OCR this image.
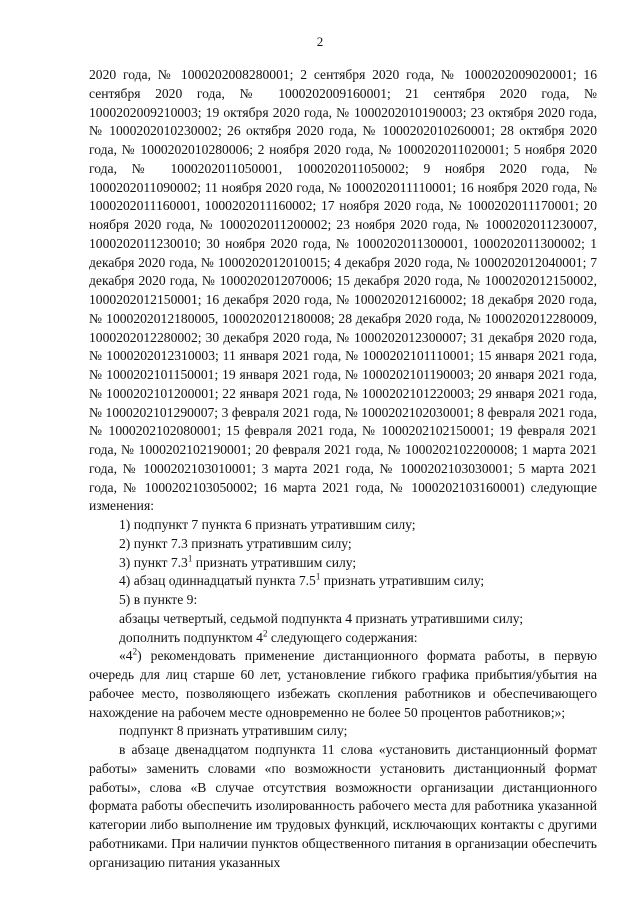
2

2020 года, № 1000202008280001; 2 сентября 2020 года, № 1000202009020001; 16 сентября 2020 года, № 1000202009160001; 21 сентября 2020 года, № 1000202009210003; 19 октября 2020 года, № 1000202010190003; 23 октября 2020 года, № 1000202010230002; 26 октября 2020 года, № 1000202010260001; 28 октября 2020 года, № 1000202010280006; 2 ноября 2020 года, № 1000202011020001; 5 ноября 2020 года, № 1000202011050001, 1000202011050002; 9 ноября 2020 года, № 1000202011090002; 11 ноября 2020 года, № 1000202011110001; 16 ноября 2020 года, № 1000202011160001, 1000202011160002; 17 ноября 2020 года, № 1000202011170001; 20 ноября 2020 года, № 1000202011200002; 23 ноября 2020 года, № 1000202011230007, 1000202011230010; 30 ноября 2020 года, № 1000202011300001, 1000202011300002; 1 декабря 2020 года, № 1000202012010015; 4 декабря 2020 года, № 1000202012040001; 7 декабря 2020 года, № 1000202012070006; 15 декабря 2020 года, № 1000202012150002, 1000202012150001; 16 декабря 2020 года, № 1000202012160002; 18 декабря 2020 года, № 1000202012180005, 1000202012180008; 28 декабря 2020 года, № 1000202012280009, 1000202012280002; 30 декабря 2020 года, № 1000202012300007; 31 декабря 2020 года, № 1000202012310003; 11 января 2021 года, № 1000202101110001; 15 января 2021 года, № 1000202101150001; 19 января 2021 года, № 1000202101190003; 20 января 2021 года, № 1000202101200001; 22 января 2021 года, № 1000202101220003; 29 января 2021 года, № 1000202101290007; 3 февраля 2021 года, № 1000202102030001; 8 февраля 2021 года, № 1000202102080001; 15 февраля 2021 года, № 1000202102150001; 19 февраля 2021 года, № 1000202102190001; 20 февраля 2021 года, № 1000202102200008; 1 марта 2021 года, № 1000202103010001; 3 марта 2021 года, № 1000202103030001; 5 марта 2021 года, № 1000202103050002; 16 марта 2021 года, № 1000202103160001) следующие изменения:

1) подпункт 7 пункта 6 признать утратившим силу;

2) пункт 7.3 признать утратившим силу;

3) пункт $7.3^1$ признать утратившим силу;

4) абзац одиннадцатый пункта $7.5^1$ признать утратившим силу;

5) в пункте 9:

абзацы четвертый, седьмой подпункта 4 признать утратившими силу;

дополнить подпунктом $4^2$ следующего содержания:

«$4^2$) рекомендовать применение дистанционного формата работы, в первую очередь для лиц старше 60 лет, установление гибкого графика прибытия/убытия на рабочее место, позволяющего избежать скопления работников и обеспечивающего нахождение на рабочем месте одновременно не более 50 процентов работников;»;

подпункт 8 признать утратившим силу;

в абзаце двенадцатом подпункта 11 слова «установить дистанционный формат работы» заменить словами «по возможности установить дистанционный формат работы», слова «В случае отсутствия возможности организации дистанционного формата работы обеспечить изолированность рабочего места для работника указанной категории либо выполнение им трудовых функций, исключающих контакты с другими работниками. При наличии пунктов общественного питания в организации обеспечить организацию питания указанных
